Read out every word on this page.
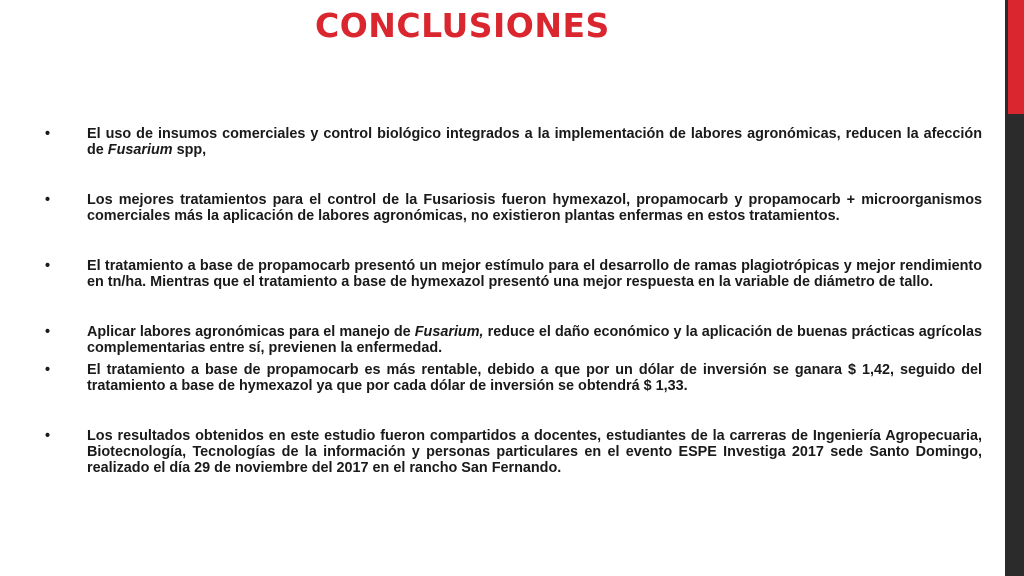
CONCLUSIONES
•	El uso de insumos comerciales y control biológico integrados a la implementación de labores agronómicas, reducen la afección de Fusarium spp,
•	Los mejores tratamientos para el control de la Fusariosis fueron hymexazol, propamocarb y propamocarb + microorganismos comerciales más la aplicación de labores agronómicas, no existieron plantas enfermas en estos tratamientos.
•	El tratamiento a base de propamocarb presentó un mejor estímulo para el desarrollo de ramas plagiotrópicas y mejor rendimiento en tn/ha. Mientras que el tratamiento a base de hymexazol presentó una mejor respuesta en la variable de diámetro de tallo.
•	Aplicar labores agronómicas para el manejo de Fusarium, reduce el daño económico y la aplicación de buenas prácticas agrícolas complementarias entre sí, previenen la enfermedad.
•	El tratamiento a base de propamocarb es más rentable, debido a que por un dólar de inversión se ganara $ 1,42, seguido del tratamiento a base de hymexazol ya que por cada dólar de inversión se obtendrá $ 1,33.
•	Los resultados obtenidos en este estudio fueron compartidos a docentes, estudiantes de la carreras de Ingeniería Agropecuaria, Biotecnología, Tecnologías de la información y personas particulares en el evento ESPE Investiga 2017 sede Santo Domingo, realizado el día 29 de noviembre del 2017 en el rancho San Fernando.
